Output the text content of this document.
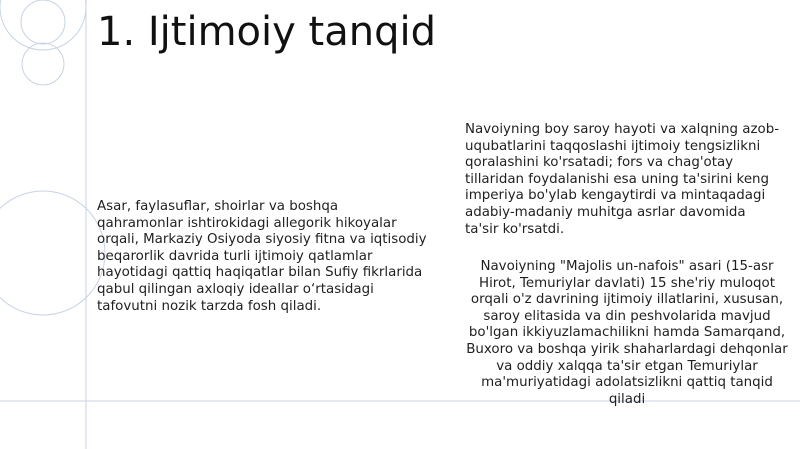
1. Ijtimoiy tanqid

Asar, faylasuflar, shoirlar va boshqa qahramonlar ishtirokidagi allegorik hikoyalar orqali, Markaziy Osiyoda siyosiy fitna va iqtisodiy beqarorlik davrida turli ijtimoiy qatlamlar hayotidagi qattiq haqiqatlar bilan Sufiy fikrlarida qabul qilingan axloqiy ideallar o‘rtasidagi tafovutni nozik tarzda fosh qiladi.

Navoiyning boy saroy hayoti va xalqning azob-uqubatlarini taqqoslashi ijtimoiy tengsizlikni qoralashini ko'rsatadi; fors va chag'otay tillaridan foydalanishi esa uning ta'sirini keng imperiya bo'ylab kengaytirdi va mintaqadagi adabiy-madaniy muhitga asrlar davomida ta'sir ko'rsatdi.

Navoiyning "Majolis un-nafois" asari (15-asr Hirot, Temuriylar davlati) 15 she'riy muloqot orqali o'z davrining ijtimoiy illatlarini, xususan, saroy elitasida va din peshvolarida mavjud bo'lgan ikkiyuzlamachilikni hamda Samarqand, Buxoro va boshqa yirik shaharlardagi dehqonlar va oddiy xalqqa ta'sir etgan Temuriylar ma'muriyatidagi adolatsizlikni qattiq tanqid qiladi
